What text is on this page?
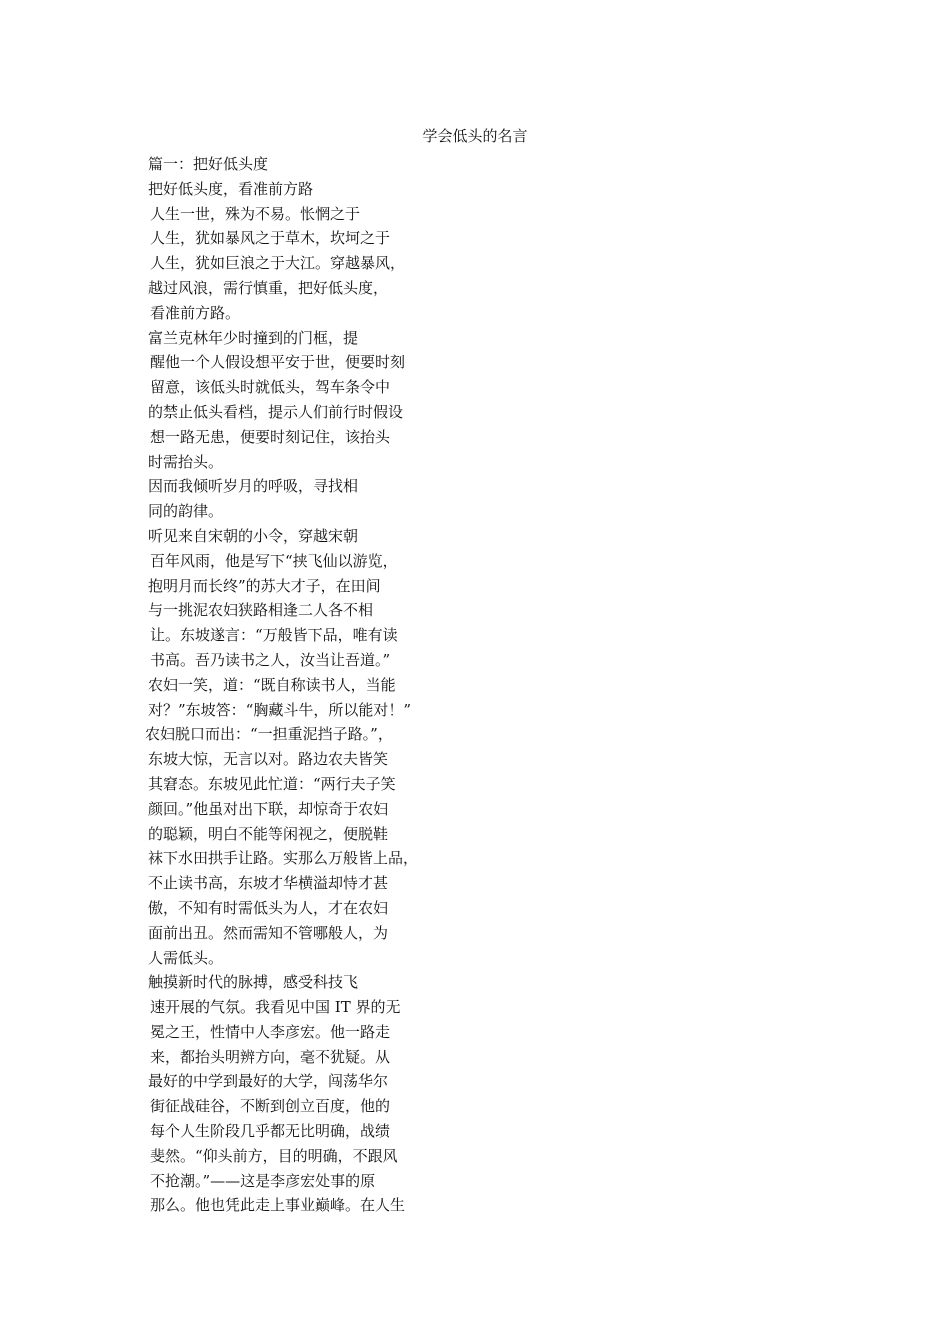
学会低头的名言
篇一：把好低头度
把好低头度，看准前方路
人生一世，殊为不易。怅惘之于
人生，犹如暴风之于草木，坎坷之于
人生，犹如巨浪之于大江。穿越暴风，
越过风浪，需行慎重，把好低头度，
看准前方路。
富兰克林年少时撞到的门框，提
醒他一个人假设想平安于世，便要时刻
留意，该低头时就低头，驾车条令中
的禁止低头看档，提示人们前行时假设
想一路无患，便要时刻记住，该抬头
时需抬头。
因而我倾听岁月的呼吸，寻找相
同的韵律。
听见来自宋朝的小令，穿越宋朝
百年风雨，他是写下“挟飞仙以游览，
抱明月而长终”的苏大才子，在田间
与一挑泥农妇狭路相逢二人各不相
让。东坡遂言：“万般皆下品，唯有读
书高。吾乃读书之人，汝当让吾道。”
农妇一笑，道：“既自称读书人，当能
对？”东坡答：“胸藏斗牛，所以能对！”
农妇脱口而出：“一担重泥挡子路。”，
东坡大惊，无言以对。路边农夫皆笑
其窘态。东坡见此忙道：“两行夫子笑
颜回。”他虽对出下联，却惊奇于农妇
的聪颖，明白不能等闲视之，便脱鞋
袜下水田拱手让路。实那么万般皆上品，
不止读书高，东坡才华横溢却恃才甚
傲，不知有时需低头为人，才在农妇
面前出丑。然而需知不管哪般人，为
人需低头。
触摸新时代的脉搏，感受科技飞
速开展的气氛。我看见中国 IT 界的无
冕之王，性情中人李彦宏。他一路走
来，都抬头明辨方向，毫不犹疑。从
最好的中学到最好的大学，闯荡华尔
街征战硅谷，不断到创立百度，他的
每个人生阶段几乎都无比明确，战绩
斐然。“仰头前方，目的明确，不跟风
不抢潮。”——这是李彦宏处事的原
那么。他也凭此走上事业巅峰。在人生
